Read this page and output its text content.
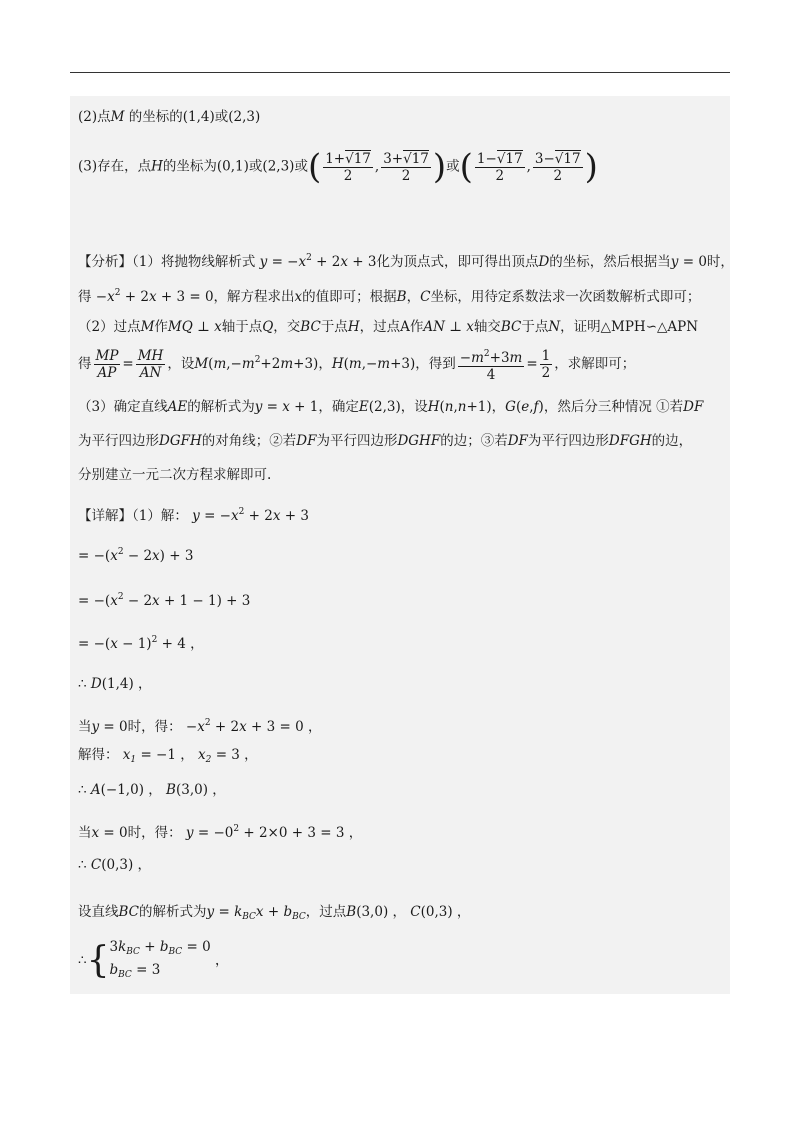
(2)点M 的坐标的(1,4)或(2,3)
(3)存在，点H的坐标为(0,1)或(2,3)或( $\frac{1+√17}{2}$ , $\frac{3+√17}{2}$ )或( $\frac{1-√17}{2}$ , $\frac{3-√17}{2}$ )
【分析】（1）将抛物线解析式 $y = -x^2 + 2x + 3$化为顶点式，即可得出顶点D的坐标，然后根据当y = 0时，
得 $-x^2 + 2x + 3 = 0$，解方程求出x的值即可；根据B，C坐标，用待定系数法求一次函数解析式即可；
（2）过点M作MQ ⊥ x轴于点Q，交BC于点H，过点A作AN ⊥ x轴交BC于点N，证明△MPH∽△APN
得 $\frac{MP}{AP} = \frac{MH}{AN}$ ，设$M(m,-m^2+2m+3)$，H(m,−m+3)，得到 $\frac{-m^2+3m}{4} = \frac{1}{2}$ ，求解即可；
（3）确定直线AE的解析式为y = x + 1，确定E(2,3)，设H(n,n+1)，G(e,f)，然后分三种情况 ①若DF
为平行四边形DGFH的对角线；②若DF为平行四边形DGHF的边；③若DF为平行四边形DFGH的边，
分别建立一元二次方程求解即可.
【详解】（1）解： $y = -x^2 + 2x + 3$
= $-(x^2 - 2x) + 3$
= $-(x^2 - 2x + 1 - 1) + 3$
= $-(x - 1)^2 + 4$ ，
∴ D(1,4) ，
当y = 0时，得： $-x^2 + 2x + 3 = 0$ ，
解得： $x_1 = -1$ ， $x_2 = 3$ ，
∴ A(−1,0) ， B(3,0) ，
当x = 0时，得： $y = -0^2 + 2\times 0 + 3 = 3$ ，
∴ C(0,3) ，
设直线BC的解析式为$y = k_{BC}x + b_{BC}$，过点B(3,0) ， C(0,3) ，
∴{ $3k_{BC} + b_{BC} = 0$
$b_{BC} = 3$
，
